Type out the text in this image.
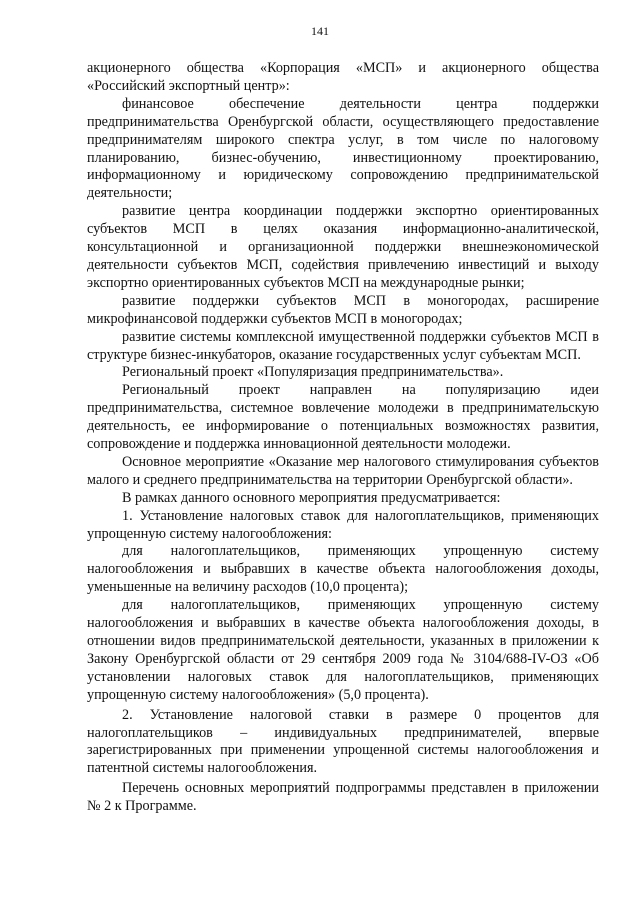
141

акционерного общества «Корпорация «МСП» и акционерного общества «Российский экспортный центр»:

финансовое обеспечение деятельности центра поддержки предпринимательства Оренбургской области, осуществляющего предоставление предпринимателям широкого спектра услуг, в том числе по налоговому планированию, бизнес-обучению, инвестиционному проектированию, информационному и юридическому сопровождению предпринимательской деятельности;

развитие центра координации поддержки экспортно ориентированных субъектов МСП в целях оказания информационно-аналитической, консультационной и организационной поддержки внешнеэкономической деятельности субъектов МСП, содействия привлечению инвестиций и выходу экспортно ориентированных субъектов МСП на международные рынки;

развитие поддержки субъектов МСП в моногородах, расширение микрофинансовой поддержки субъектов МСП в моногородах;

развитие системы комплексной имущественной поддержки субъектов МСП в структуре бизнес-инкубаторов, оказание государственных услуг субъектам МСП.

Региональный проект «Популяризация предпринимательства».

Региональный проект направлен на популяризацию идеи предпринимательства, системное вовлечение молодежи в предпринимательскую деятельность, ее информирование о потенциальных возможностях развития, сопровождение и поддержка инновационной деятельности молодежи.

Основное мероприятие «Оказание мер налогового стимулирования субъектов малого и среднего предпринимательства на территории Оренбургской области».

В рамках данного основного мероприятия предусматривается:

1. Установление налоговых ставок для налогоплательщиков, применяющих упрощенную систему налогообложения:

для налогоплательщиков, применяющих упрощенную систему налогообложения и выбравших в качестве объекта налогообложения доходы, уменьшенные на величину расходов (10,0 процента);

для налогоплательщиков, применяющих упрощенную систему налогообложения и выбравших в качестве объекта налогообложения доходы, в отношении видов предпринимательской деятельности, указанных в приложении к Закону Оренбургской области от 29 сентября 2009 года № 3104/688-IV-ОЗ «Об установлении налоговых ставок для налогоплательщиков, применяющих упрощенную систему налогообложения» (5,0 процента).

2. Установление налоговой ставки в размере 0 процентов для налогоплательщиков – индивидуальных предпринимателей, впервые зарегистрированных при применении упрощенной системы налогообложения и патентной системы налогообложения.

Перечень основных мероприятий подпрограммы представлен в приложении № 2 к Программе.
